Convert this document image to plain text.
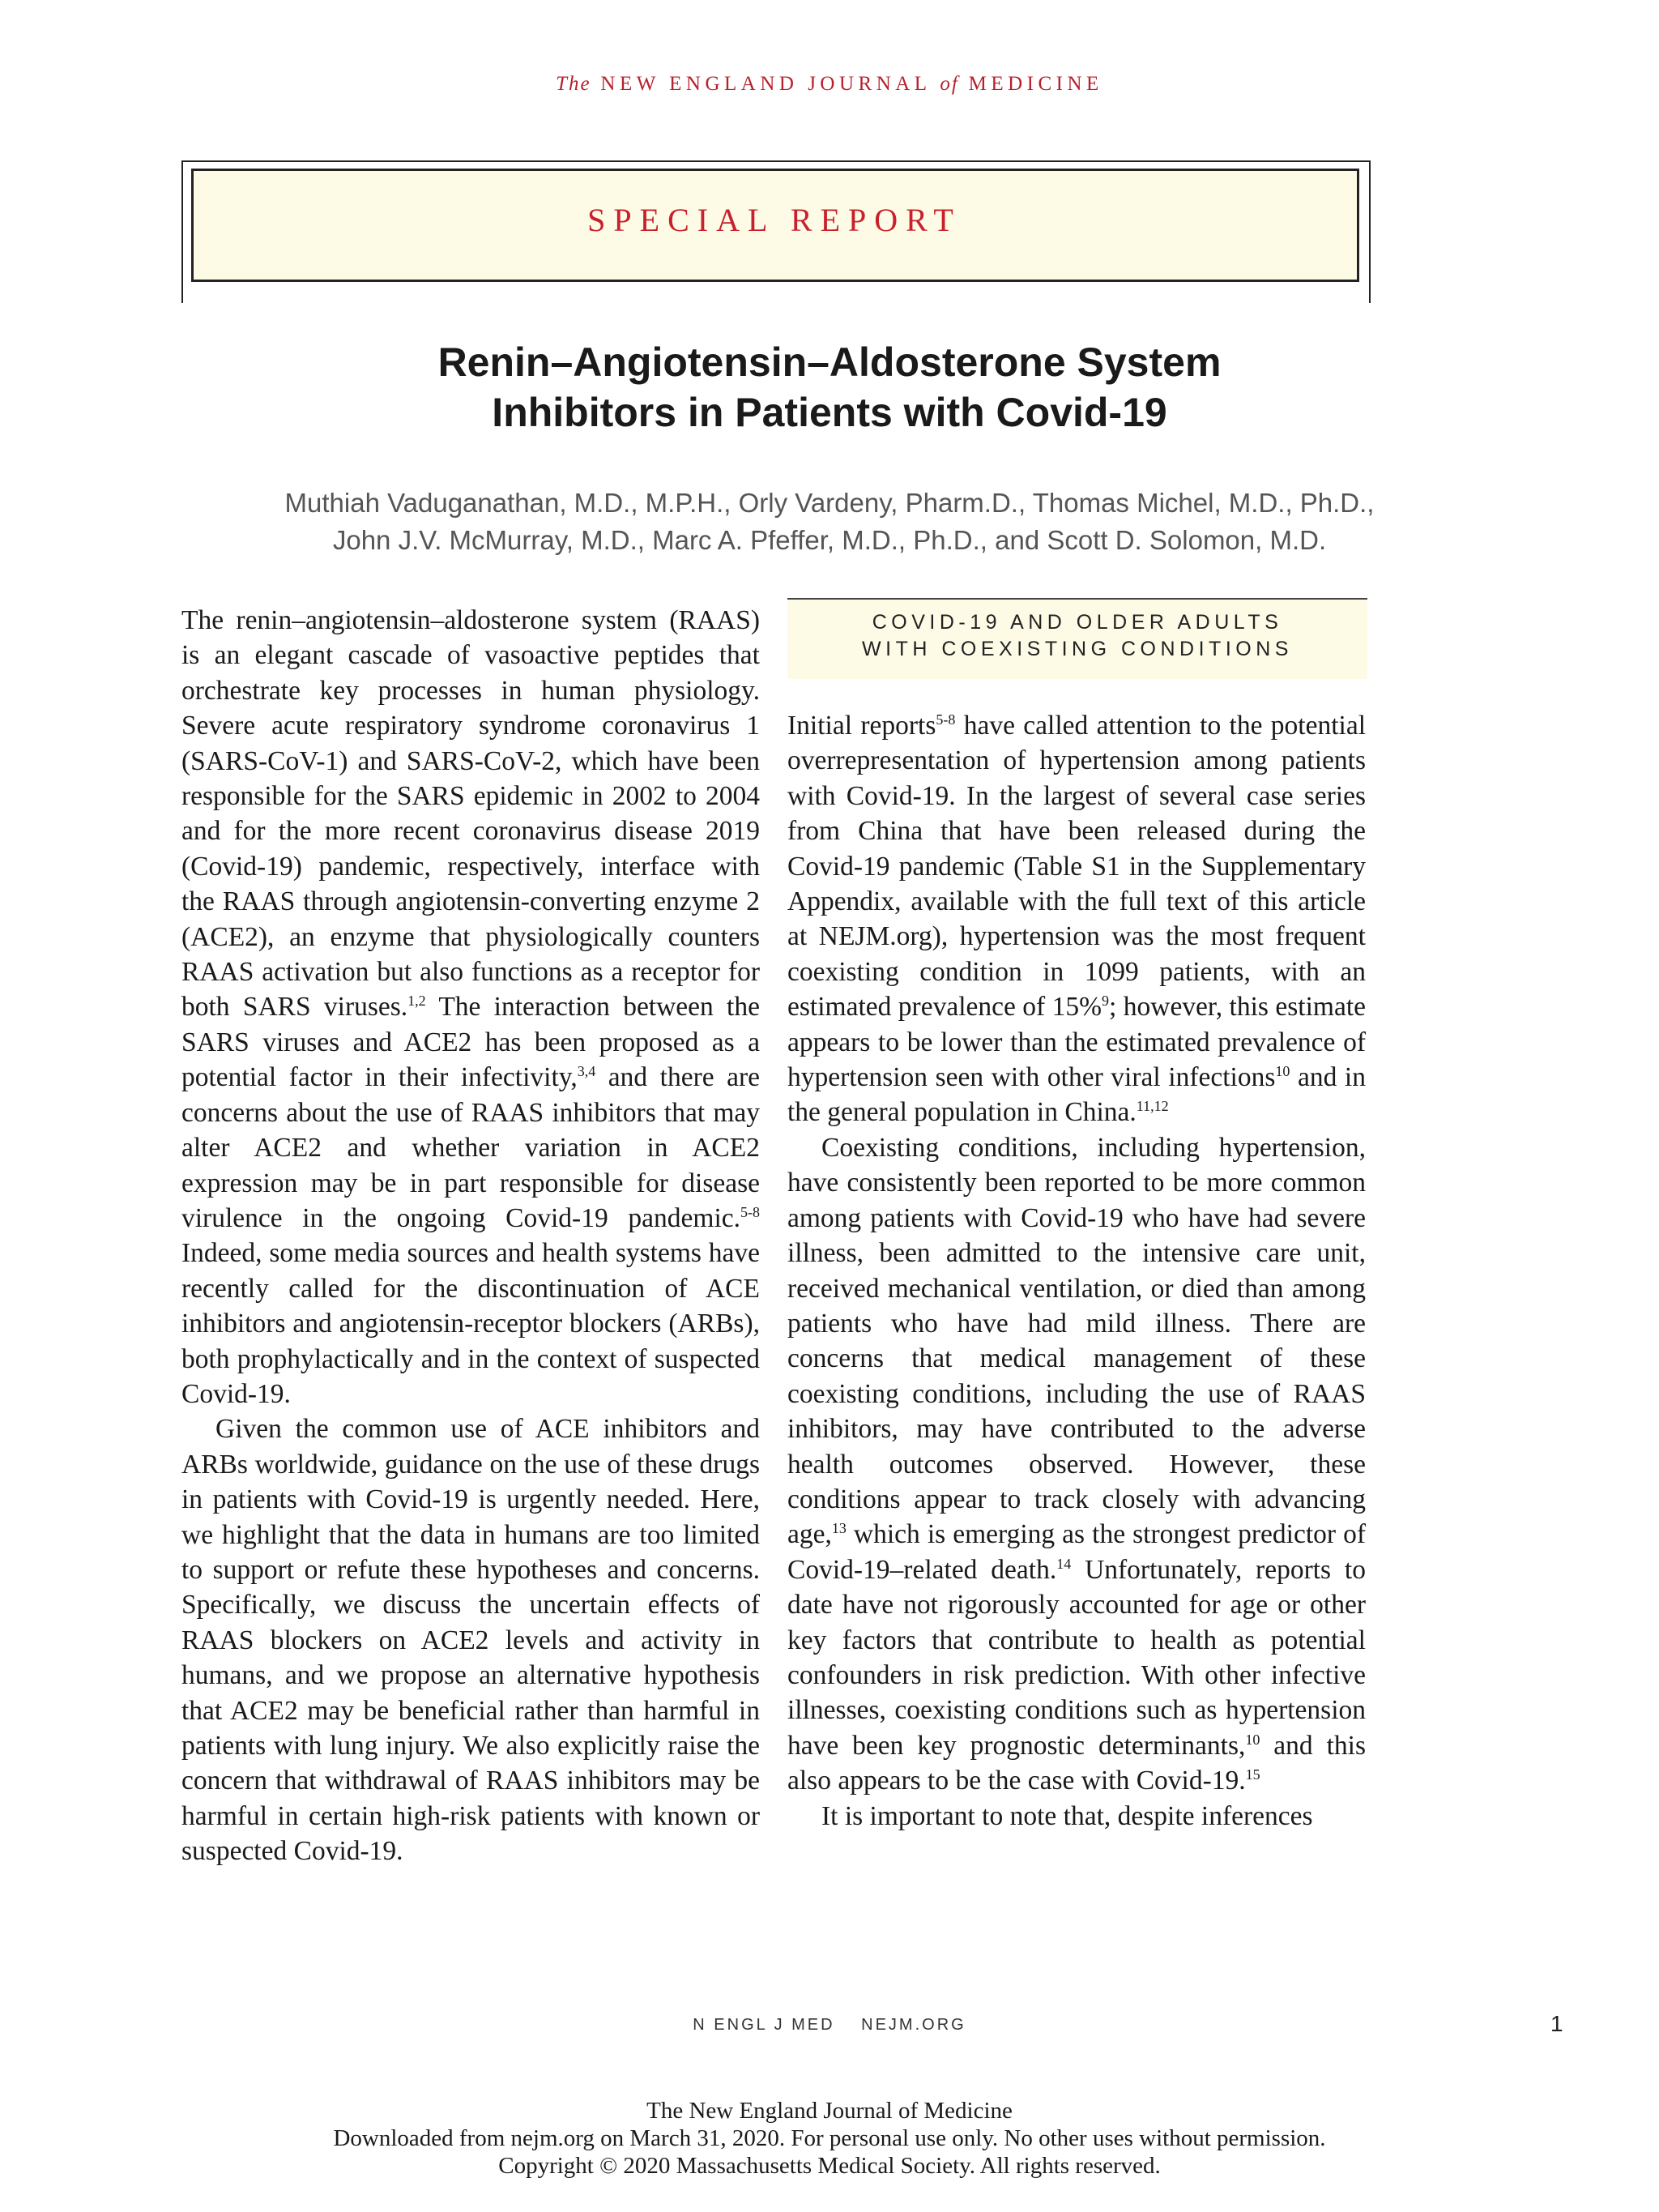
The NEW ENGLAND JOURNAL of MEDICINE
SPECIAL REPORT
Renin–Angiotensin–Aldosterone System
Inhibitors in Patients with Covid-19
Muthiah Vaduganathan, M.D., M.P.H., Orly Vardeny, Pharm.D., Thomas Michel, M.D., Ph.D.,
John J.V. McMurray, M.D., Marc A. Pfeffer, M.D., Ph.D., and Scott D. Solomon, M.D.

The renin–angiotensin–aldosterone system (RAAS) is an elegant cascade of vasoactive peptides that orchestrate key processes in human physiology. Severe acute respiratory syndrome coronavirus 1 (SARS-CoV-1) and SARS-CoV-2, which have been responsible for the SARS epidemic in 2002 to 2004 and for the more recent coronavirus disease 2019 (Covid-19) pandemic, respectively, interface with the RAAS through angiotensin-converting enzyme 2 (ACE2), an enzyme that physiologically counters RAAS activation but also functions as a receptor for both SARS viruses.$^{1,2}$ The interaction between the SARS viruses and ACE2 has been proposed as a potential factor in their infectivity,$^{3,4}$ and there are concerns about the use of RAAS inhibitors that may alter ACE2 and whether variation in ACE2 expression may be in part responsible for disease virulence in the ongoing Covid-19 pandemic.$^{5-8}$ Indeed, some media sources and health systems have recently called for the discontinuation of ACE inhibitors and angiotensin-receptor blockers (ARBs), both prophylactically and in the context of suspected Covid-19.

Given the common use of ACE inhibitors and ARBs worldwide, guidance on the use of these drugs in patients with Covid-19 is urgently needed. Here, we highlight that the data in humans are too limited to support or refute these hypotheses and concerns. Specifically, we discuss the uncertain effects of RAAS blockers on ACE2 levels and activity in humans, and we propose an alternative hypothesis that ACE2 may be beneficial rather than harmful in patients with lung injury. We also explicitly raise the concern that withdrawal of RAAS inhibitors may be harmful in certain high-risk patients with known or suspected Covid-19.

COVID-19 AND OLDER ADULTS
WITH COEXISTING CONDITIONS

Initial reports$^{5-8}$ have called attention to the potential overrepresentation of hypertension among patients with Covid-19. In the largest of several case series from China that have been released during the Covid-19 pandemic (Table S1 in the Supplementary Appendix, available with the full text of this article at NEJM.org), hypertension was the most frequent coexisting condition in 1099 patients, with an estimated prevalence of 15%$^9$; however, this estimate appears to be lower than the estimated prevalence of hypertension seen with other viral infections$^{10}$ and in the general population in China.$^{11,12}$

Coexisting conditions, including hypertension, have consistently been reported to be more common among patients with Covid-19 who have had severe illness, been admitted to the intensive care unit, received mechanical ventilation, or died than among patients who have had mild illness. There are concerns that medical management of these coexisting conditions, including the use of RAAS inhibitors, may have contributed to the adverse health outcomes observed. However, these conditions appear to track closely with advancing age,$^{13}$ which is emerging as the strongest predictor of Covid-19–related death.$^{14}$ Unfortunately, reports to date have not rigorously accounted for age or other key factors that contribute to health as potential confounders in risk prediction. With other infective illnesses, coexisting conditions such as hypertension have been key prognostic determinants,$^{10}$ and this also appears to be the case with Covid-19.15

It is important to note that, despite inferences

N ENGL J MED NEJM.ORG	1
The New England Journal of Medicine
Downloaded from nejm.org on March 31, 2020. For personal use only. No other uses without permission.
Copyright © 2020 Massachusetts Medical Society. All rights reserved.
